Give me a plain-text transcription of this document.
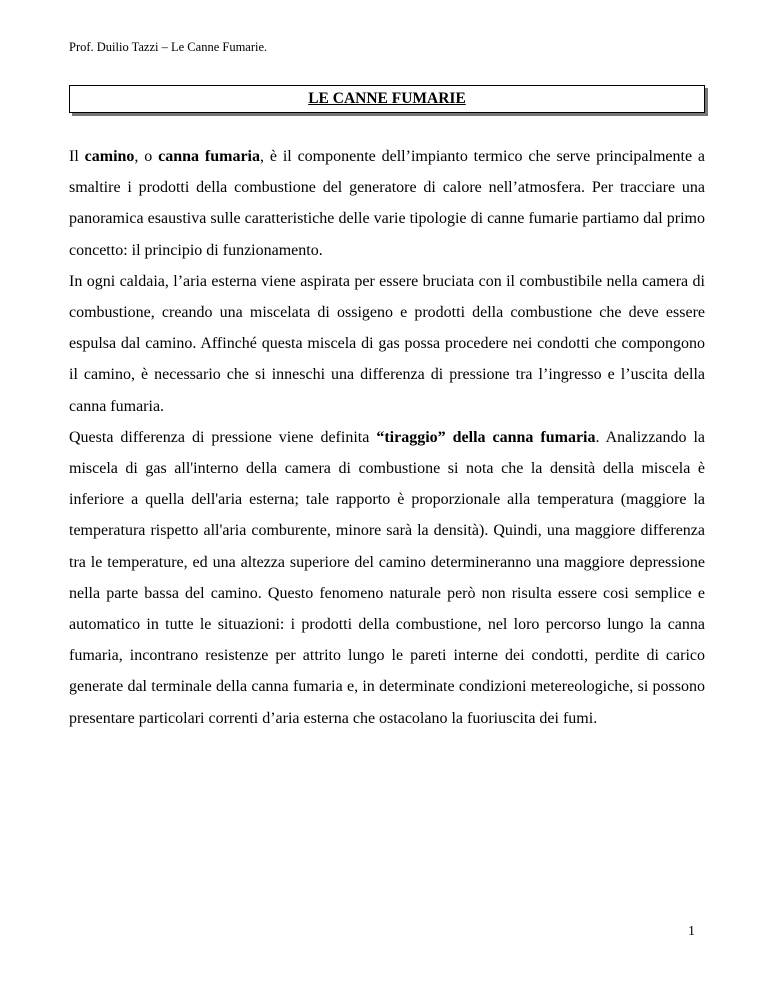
Prof. Duilio Tazzi – Le Canne Fumarie.
LE CANNE FUMARIE

Il camino, o canna fumaria, è il componente dell’impianto termico che serve principalmente a smaltire i prodotti della combustione del generatore di calore nell’atmosfera. Per tracciare una panoramica esaustiva sulle caratteristiche delle varie tipologie di canne fumarie partiamo dal primo concetto: il principio di funzionamento.

In ogni caldaia, l’aria esterna viene aspirata per essere bruciata con il combustibile nella camera di combustione, creando una miscelata di ossigeno e prodotti della combustione che deve essere espulsa dal camino. Affinché questa miscela di gas possa procedere nei condotti che compongono il camino, è necessario che si inneschi una differenza di pressione tra l’ingresso e l’uscita della canna fumaria.

Questa differenza di pressione viene definita “tiraggio” della canna fumaria. Analizzando la miscela di gas all'interno della camera di combustione si nota che la densità della miscela è inferiore a quella dell'aria esterna; tale rapporto è proporzionale alla temperatura (maggiore la temperatura rispetto all'aria comburente, minore sarà la densità). Quindi, una maggiore differenza tra le temperature, ed una altezza superiore del camino determineranno una maggiore depressione nella parte bassa del camino. Questo fenomeno naturale però non risulta essere cosi semplice e automatico in tutte le situazioni: i prodotti della combustione, nel loro percorso lungo la canna fumaria, incontrano resistenze per attrito lungo le pareti interne dei condotti, perdite di carico generate dal terminale della canna fumaria e, in determinate condizioni metereologiche, si possono presentare particolari correnti d’aria esterna che ostacolano la fuoriuscita dei fumi.

1
